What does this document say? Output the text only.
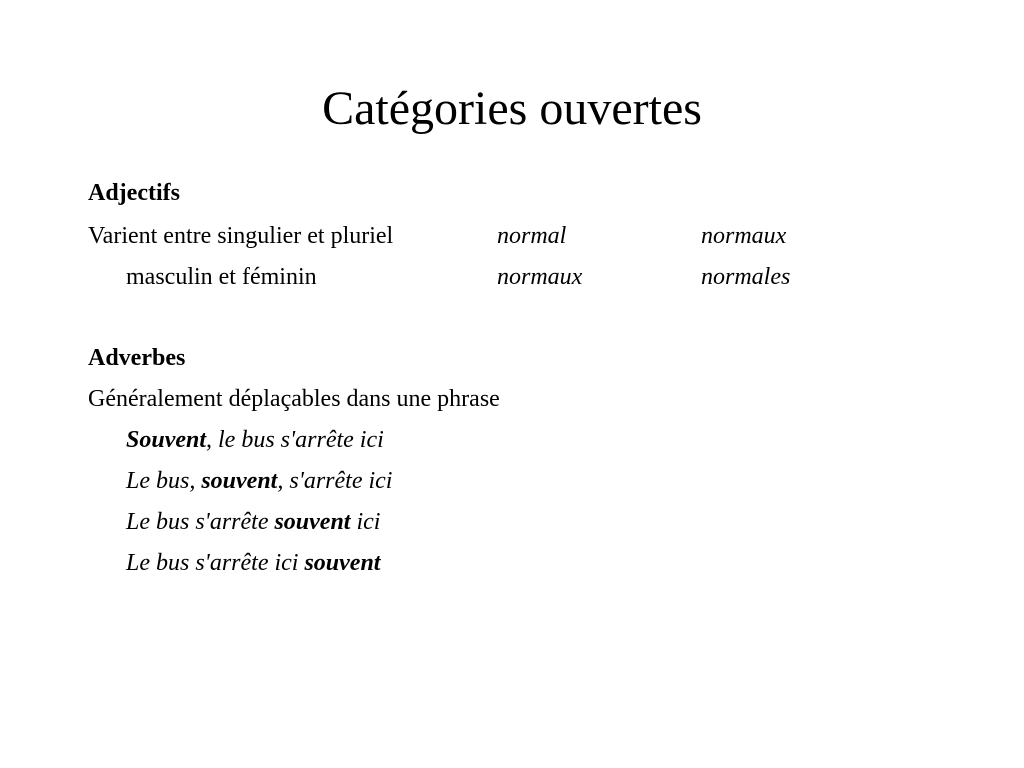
Catégories ouvertes
Adjectifs
Varient entre singulier et pluriel	normal	normaux
masculin et féminin	normaux	normales
Adverbes
Généralement déplaçables dans une phrase
Souvent, le bus s'arrête ici
Le bus, souvent, s'arrête ici
Le bus s'arrête souvent ici
Le bus s'arrête ici souvent
